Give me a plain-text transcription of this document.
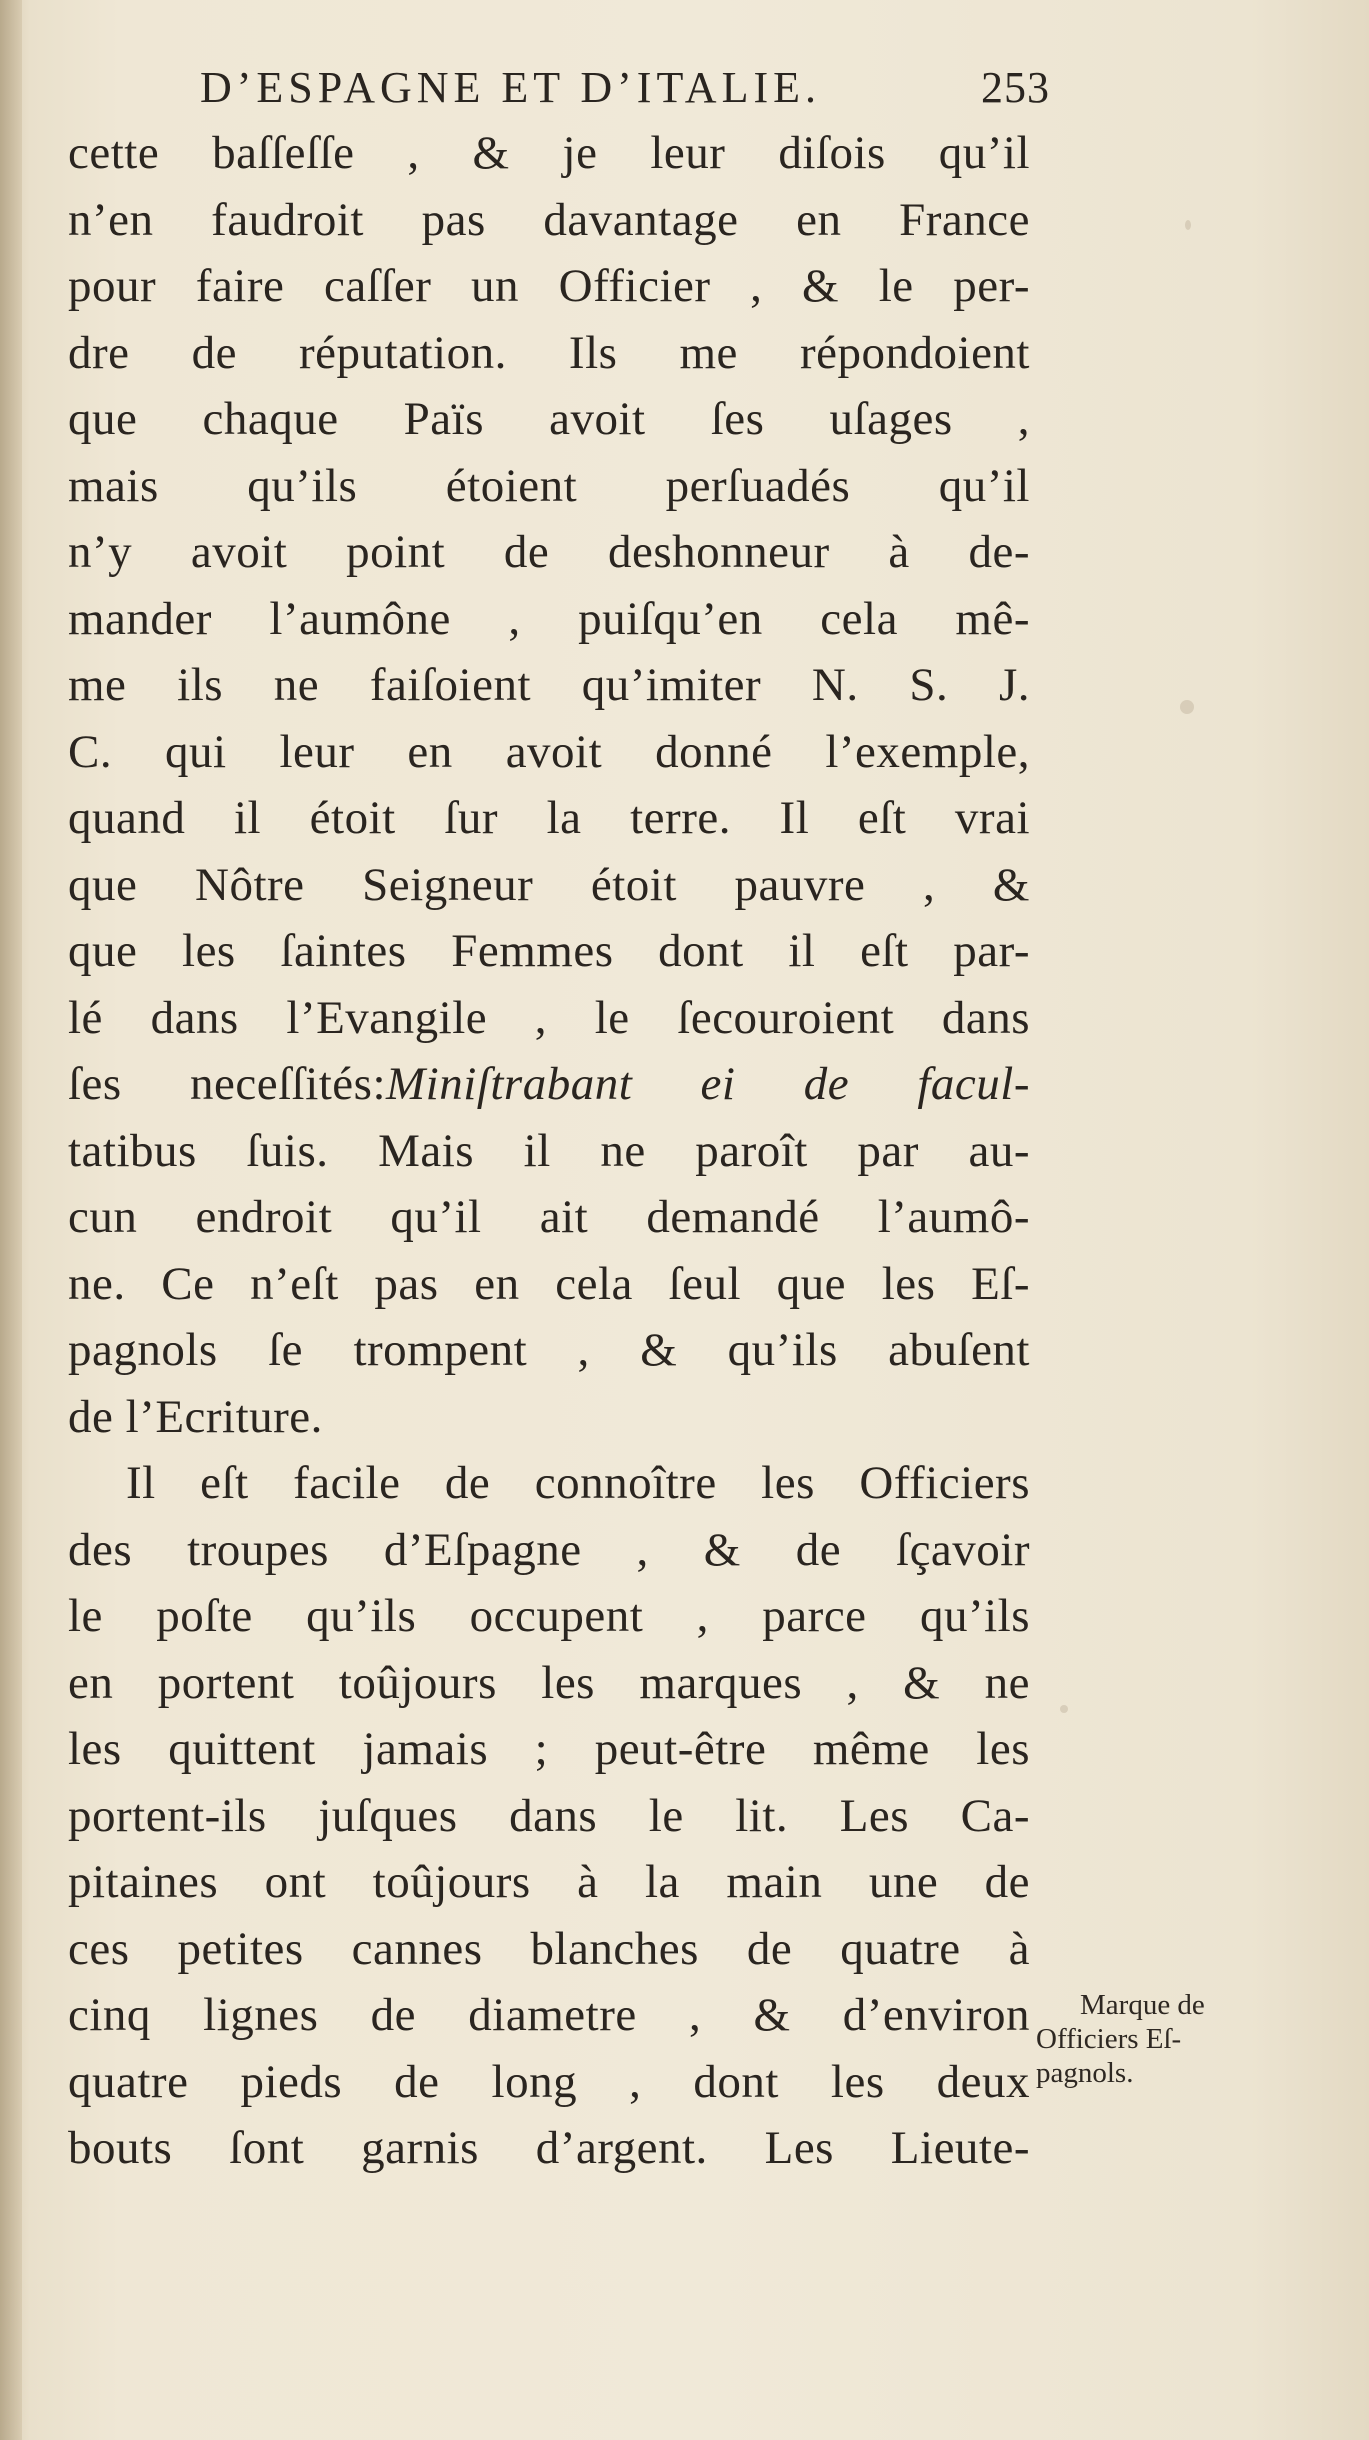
D’ESPAGNE ET D’ITALIE.	253
cette baſſeſſe , & je leur diſois qu’il
n’en faudroit pas davantage en France
pour faire caſſer un Officier , & le per-
dre de réputation. Ils me répondoient
que chaque Païs avoit ſes uſages ,
mais qu’ils étoient perſuadés qu’il
n’y avoit point de deshonneur à de-
mander l’aumône , puiſqu’en cela mê-
me ils ne faiſoient qu’imiter N. S. J.
C. qui leur en avoit donné l’exemple,
quand il étoit ſur la terre. Il eſt vrai
que Nôtre Seigneur étoit pauvre , &
que les ſaintes Femmes dont il eſt par-
lé dans l’Evangile , le ſecouroient dans
ſes neceſſités:Miniſtrabant ei de facul-
tatibus ſuis. Mais il ne paroît par au-
cun endroit qu’il ait demandé l’aumô-
ne. Ce n’eſt pas en cela ſeul que les Eſ-
pagnols ſe trompent , & qu’ils abuſent
de l’Ecriture.
Il eſt facile de connoître les Officiers
des troupes d’Eſpagne , & de ſçavoir
le poſte qu’ils occupent , parce qu’ils
en portent toûjours les marques , & ne
les quittent jamais ; peut-être même les
portent-ils juſques dans le lit. Les Ca-
pitaines ont toûjours à la main une de
ces petites cannes blanches de quatre à
cinq lignes de diametre , & d’environ
quatre pieds de long , dont les deux
bouts ſont garnis d’argent. Les Lieute-
Marque de
Officiers Eſ-
pagnols.
